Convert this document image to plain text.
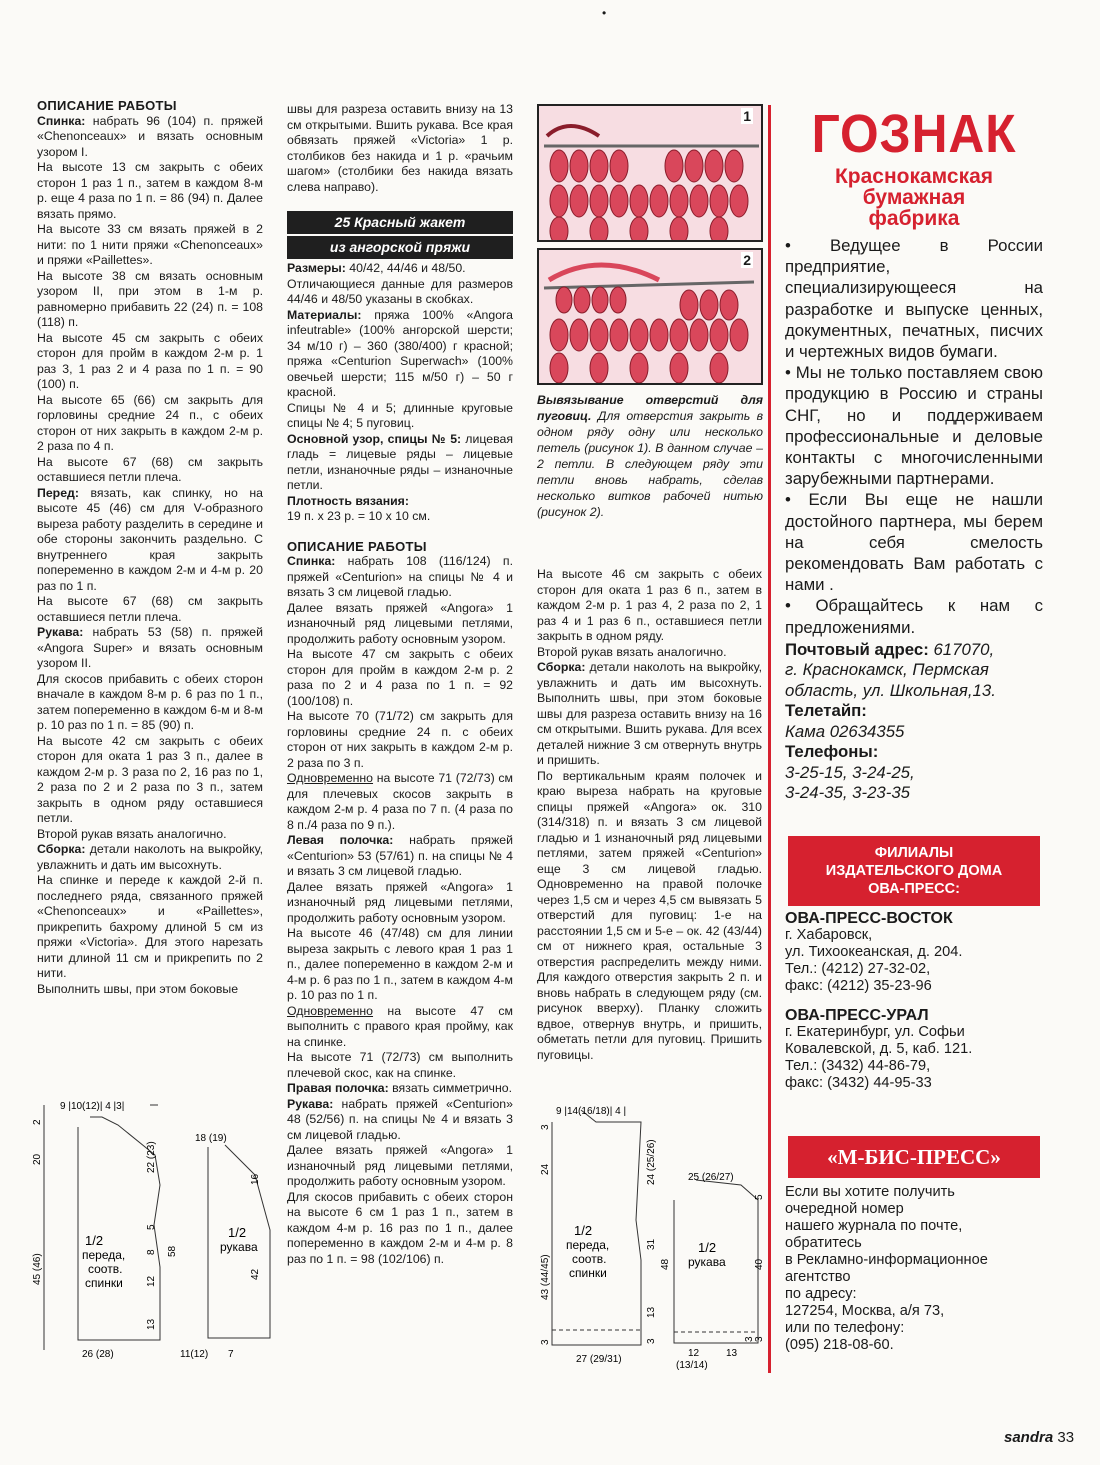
•
ОПИСАНИЕ РАБОТЫ

Спинка: набрать 96 (104) п. пряжей «Chenonceaux» и вязать основным узором I.

На высоте 13 см закрыть с обеих сторон 1 раз 1 п., затем в каждом 8-м р. еще 4 раза по 1 п. = 86 (94) п. Далее вязать прямо.

На высоте 33 см вязать пряжей в 2 нити: по 1 нити пряжи «Chenonceaux» и пряжи «Paillettes».

На высоте 38 см вязать основным узором II, при этом в 1-м р. равномерно прибавить 22 (24) п. = 108 (118) п.

На высоте 45 см закрыть с обеих сторон для пройм в каждом 2-м р. 1 раз 3, 1 раз 2 и 4 раза по 1 п. = 90 (100) п.

На высоте 65 (66) см закрыть для горловины средние 24 п., с обеих сторон от них закрыть в каждом 2-м р. 2 раза по 4 п.

На высоте 67 (68) см закрыть оставшиеся петли плеча.

Перед: вязать, как спинку, но на высоте 45 (46) см для V-образного выреза работу разделить в середине и обе стороны закончить раздельно. С внутреннего края закрыть попеременно в каждом 2-м и 4-м р. 20 раз по 1 п.

На высоте 67 (68) см закрыть оставшиеся петли плеча.

Рукава: набрать 53 (58) п. пряжей «Angora Super» и вязать основным узором II.

Для скосов прибавить с обеих сторон вначале в каждом 8-м р. 6 раз по 1 п., затем попеременно в каждом 6-м и 8-м р. 10 раз по 1 п. = 85 (90) п.

На высоте 42 см закрыть с обеих сторон для оката 1 раз 3 п., далее в каждом 2-м р. 3 раза по 2, 16 раз по 1, 2 раза по 2 и 2 раза по 3 п., затем закрыть в одном ряду оставшиеся петли.

Второй рукав вязать аналогично.

Сборка: детали наколоть на выкройку, увлажнить и дать им высохнуть.

На спинке и переде к каждой 2-й п. последнего ряда, связанного пряжей «Chenonceaux» и «Paillettes», прикрепить бахрому длиной 5 см из пряжи «Victoria». Для этого нарезать нити длиной 11 см и прикрепить по 2 нити.

Выполнить швы, при этом боковые

швы для разреза оставить внизу на 13 см открытыми. Вшить рукава. Все края обвязать пряжей «Victoria» 1 р. столбиков без накида и 1 р. «рачьим шагом» (столбики без накида вязать слева направо).

25 Красный жакет
из ангорской пряжи

Размеры: 40/42, 44/46 и 48/50.

Отличающиеся данные для размеров 44/46 и 48/50 указаны в скобках.

Материалы: пряжа 100% «Angora infeutrable» (100% ангорской шерсти; 34 м/10 г) – 360 (380/400) г красной; пряжа «Centurion Superwach» (100% овечьей шерсти; 115 м/50 г) – 50 г красной.

Спицы № 4 и 5; длинные круговые спицы № 4; 5 пуговиц.

Основной узор, спицы № 5: лицевая гладь = лицевые ряды – лицевые петли, изнаночные ряды – изнаночные петли.

Плотность вязания:

19 п. х 23 р. = 10 х 10 см.

ОПИСАНИЕ РАБОТЫ

Спинка: набрать 108 (116/124) п. пряжей «Centurion» на спицы № 4 и вязать 3 см лицевой гладью.

Далее вязать пряжей «Angora» 1 изнаночный ряд лицевыми петлями, продолжить работу основным узором.

На высоте 47 см закрыть с обеих сторон для пройм в каждом 2-м р. 2 раза по 2 и 4 раза по 1 п. = 92 (100/108) п.

На высоте 70 (71/72) см закрыть для горловины средние 24 п. с обеих сторон от них закрыть в каждом 2-м р. 2 раза по 3 п.

Одновременно на высоте 71 (72/73) см для плечевых скосов закрыть в каждом 2-м р. 4 раза по 7 п. (4 раза по 8 п./4 раза по 9 п.).

Левая полочка: набрать пряжей «Centurion» 53 (57/61) п. на спицы № 4 и вязать 3 см лицевой гладью.

Далее вязать пряжей «Angora» 1 изнаночный ряд лицевыми петлями, продолжить работу основным узором.

На высоте 46 (47/48) см для линии выреза закрыть с левого края 1 раз 1 п., далее попеременно в каждом 2-м и 4-м р. 6 раз по 1 п., затем в каждом 4-м р. 10 раз по 1 п.

Одновременно на высоте 47 см выполнить с правого края пройму, как на спинке.

На высоте 71 (72/73) см выполнить плечевой скос, как на спинке.

Правая полочка: вязать симметрично.

Рукава: набрать пряжей «Centurion» 48 (52/56) п. на спицы № 4 и вязать 3 см лицевой гладью.

Далее вязать пряжей «Angora» 1 изнаночный ряд лицевыми петлями, продолжить работу основным узором.

Для скосов прибавить с обеих сторон на высоте 6 см 1 раз 1 п., затем в каждом 4-м р. 16 раз по 1 п., далее попеременно в каждом 2-м и 4-м р. 8 раз по 1 п. = 98 (102/106) п.

1
2
Вывязывание отверстий для пуговиц. Для отверстия закрыть в одном ряду одну или несколько петель (рисунок 1). В данном случае – 2 петли. В следующем ряду эти петли вновь набрать, сделав несколько витков рабочей нитью (рисунок 2).

На высоте 46 см закрыть с обеих сторон для оката 1 раз 6 п., затем в каждом 2-м р. 1 раз 4, 2 раза по 2, 1 раз 4 и 1 раз 6 п., оставшиеся петли закрыть в одном ряду.

Второй рукав вязать аналогично.

Сборка: детали наколоть на выкройку, увлажнить и дать им высохнуть. Выполнить швы, при этом боковые швы для разреза оставить внизу на 16 см открытыми. Вшить рукава. Для всех деталей нижние 3 см отвернуть внутрь и пришить.

По вертикальным краям полочек и краю выреза набрать на круговые спицы пряжей «Angora» ок. 310 (314/318) п. и вязать 3 см лицевой гладью и 1 изнаночный ряд лицевыми петлями, затем пряжей «Centurion» еще 3 см лицевой гладью. Одновременно на правой полочке через 1,5 см и через 4,5 см вывязать 5 отверстий для пуговиц: 1-е на расстоянии 1,5 см и 5-е – ок. 42 (43/44) см от нижнего края, остальные 3 отверстия распределить между ними. Для каждого отверстия закрыть 2 п. и вновь набрать в следующем ряду (см. рисунок вверху). Планку сложить вдвое, отвернув внутрь, и пришить, обметать петли для пуговиц. Пришить пуговицы.

9 |10(12)| 4 |3|
26 (28)
20
45 (46)
2
1/2
переда,
соотв.
спинки
18 (19)
22 (23)
5
8
12
13
58
16
42
1/2
рукава
11(12) 7
9 |14(16/18)| 4 |
27 (29/31)
24
43 (44/45)
3
3
24 (25/26)
31
13
3
1/2
переда,
соотв.
спинки
25 (26/27)
5
48	40
3
3
1/2
рукава
12
(13/14)
13
ГОЗНАК
Краснокамская
бумажная
фабрика

• Ведущее в России предприятие, специализирующееся на разработке и выпуске ценных, документных, печатных, писчих и чертежных видов бумаги.

• Мы не только поставляем свою продукцию в Россию и страны СНГ, но и поддерживаем профессиональные и деловые контакты с многочисленными зарубежными партнерами.

• Если Вы еще не нашли достойного партнера, мы берем на себя смелость рекомендовать Вам работать с нами .

• Обращайтесь к нам с предложениями.

Почтовый адрес: 617070,
г. Краснокамск, Пермская область, ул. Школьная,13.
Телетайп:
Кама 02634355
Телефоны:
3-25-15, 3-24-25,
3-24-35, 3-23-35
ФИЛИАЛЫ
ИЗДАТЕЛЬСКОГО ДОМА
ОВА-ПРЕСС:
ОВА-ПРЕСС-ВОСТОК
г. Хабаровск,
ул. Тихоокеанская, д. 204.
Тел.: (4212) 27-32-02,
факс: (4212) 35-23-96
ОВА-ПРЕСС-УРАЛ
г. Екатеринбург, ул. Софьи
Ковалевской, д. 5, каб. 121.
Тел.: (3432) 44-86-79,
факс: (3432) 44-95-33
«М-БИС-ПРЕСС»
Если вы хотите получить
очередной номер
нашего журнала по почте,
обратитесь
в Рекламно-информационное
агентство
по адресу:
127254, Москва, а/я 73,
или по телефону:
(095) 218-08-60.
sandra 33
